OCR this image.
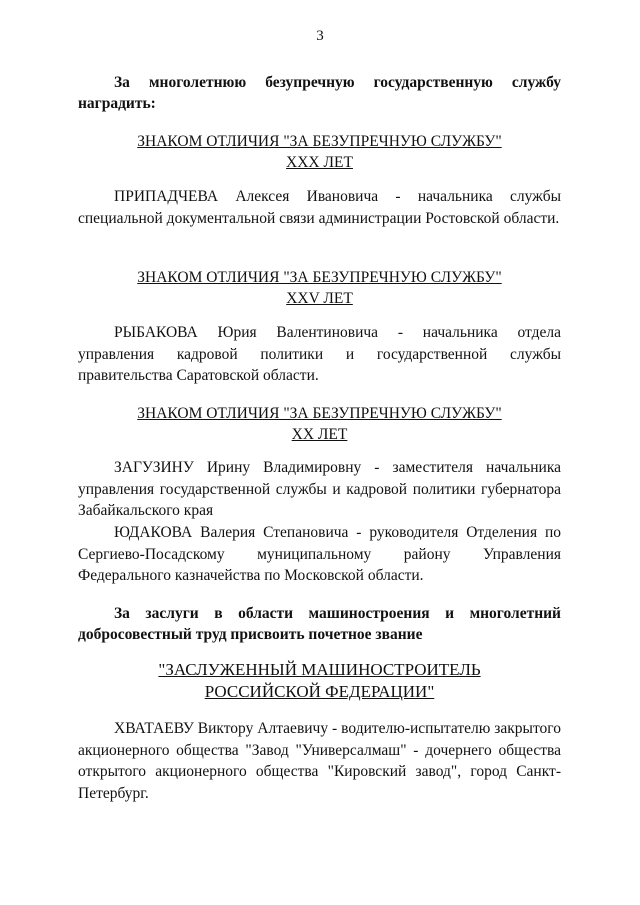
3
За многолетнюю безупречную государственную службу наградить:
ЗНАКОМ ОТЛИЧИЯ "ЗА БЕЗУПРЕЧНУЮ СЛУЖБУ"
XXX ЛЕТ
ПРИПАДЧЕВА Алексея Ивановича - начальника службы специальной документальной связи администрации Ростовской области.
ЗНАКОМ ОТЛИЧИЯ "ЗА БЕЗУПРЕЧНУЮ СЛУЖБУ"
XXV ЛЕТ
РЫБАКОВА Юрия Валентиновича - начальника отдела управления кадровой политики и государственной службы правительства Саратовской области.
ЗНАКОМ ОТЛИЧИЯ "ЗА БЕЗУПРЕЧНУЮ СЛУЖБУ"
XX ЛЕТ
ЗАГУЗИНУ Ирину Владимировну - заместителя начальника управления государственной службы и кадровой политики губернатора Забайкальского края
ЮДАКОВА Валерия Степановича - руководителя Отделения по Сергиево-Посадскому муниципальному району Управления Федерального казначейства по Московской области.
За заслуги в области машиностроения и многолетний добросовестный труд присвоить почетное звание
"ЗАСЛУЖЕННЫЙ МАШИНОСТРОИТЕЛЬ
РОССИЙСКОЙ ФЕДЕРАЦИИ"
ХВАТАЕВУ Виктору Алтаевичу - водителю-испытателю закрытого акционерного общества "Завод "Универсалмаш" - дочернего общества открытого акционерного общества "Кировский завод", город Санкт-Петербург.
